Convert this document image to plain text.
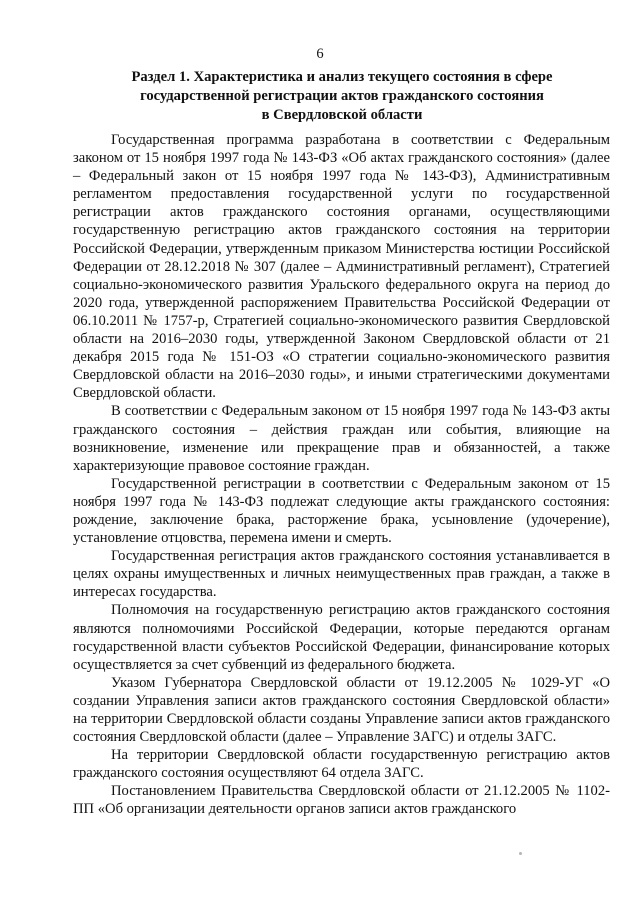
6
Раздел 1. Характеристика и анализ текущего состояния в сфере
государственной регистрации актов гражданского состояния
в Свердловской области

Государственная программа разработана в соответствии с Федеральным законом от 15 ноября 1997 года № 143-ФЗ «Об актах гражданского состояния» (далее – Федеральный закон от 15 ноября 1997 года № 143-ФЗ), Административным регламентом предоставления государственной услуги по государственной регистрации актов гражданского состояния органами, осуществляющими государственную регистрацию актов гражданского состояния на территории Российской Федерации, утвержденным приказом Министерства юстиции Российской Федерации от 28.12.2018 № 307 (далее – Административный регламент), Стратегией социально-экономического развития Уральского федерального округа на период до 2020 года, утвержденной распоряжением Правительства Российской Федерации от 06.10.2011 № 1757-р, Стратегией социально-экономического развития Свердловской области на 2016–2030 годы, утвержденной Законом Свердловской области от 21 декабря 2015 года № 151-ОЗ «О стратегии социально-экономического развития Свердловской области на 2016–2030 годы», и иными стратегическими документами Свердловской области.

В соответствии с Федеральным законом от 15 ноября 1997 года № 143-ФЗ акты гражданского состояния – действия граждан или события, влияющие на возникновение, изменение или прекращение прав и обязанностей, а также характеризующие правовое состояние граждан.

Государственной регистрации в соответствии с Федеральным законом от 15 ноября 1997 года № 143-ФЗ подлежат следующие акты гражданского состояния: рождение, заключение брака, расторжение брака, усыновление (удочерение), установление отцовства, перемена имени и смерть.

Государственная регистрация актов гражданского состояния устанавливается в целях охраны имущественных и личных неимущественных прав граждан, а также в интересах государства.

Полномочия на государственную регистрацию актов гражданского состояния являются полномочиями Российской Федерации, которые передаются органам государственной власти субъектов Российской Федерации, финансирование которых осуществляется за счет субвенций из федерального бюджета.

Указом Губернатора Свердловской области от 19.12.2005 № 1029-УГ «О создании Управления записи актов гражданского состояния Свердловской области» на территории Свердловской области созданы Управление записи актов гражданского состояния Свердловской области (далее – Управление ЗАГС) и отделы ЗАГС.

На территории Свердловской области государственную регистрацию актов гражданского состояния осуществляют 64 отдела ЗАГС.

Постановлением Правительства Свердловской области от 21.12.2005 № 1102-ПП «Об организации деятельности органов записи актов гражданского
